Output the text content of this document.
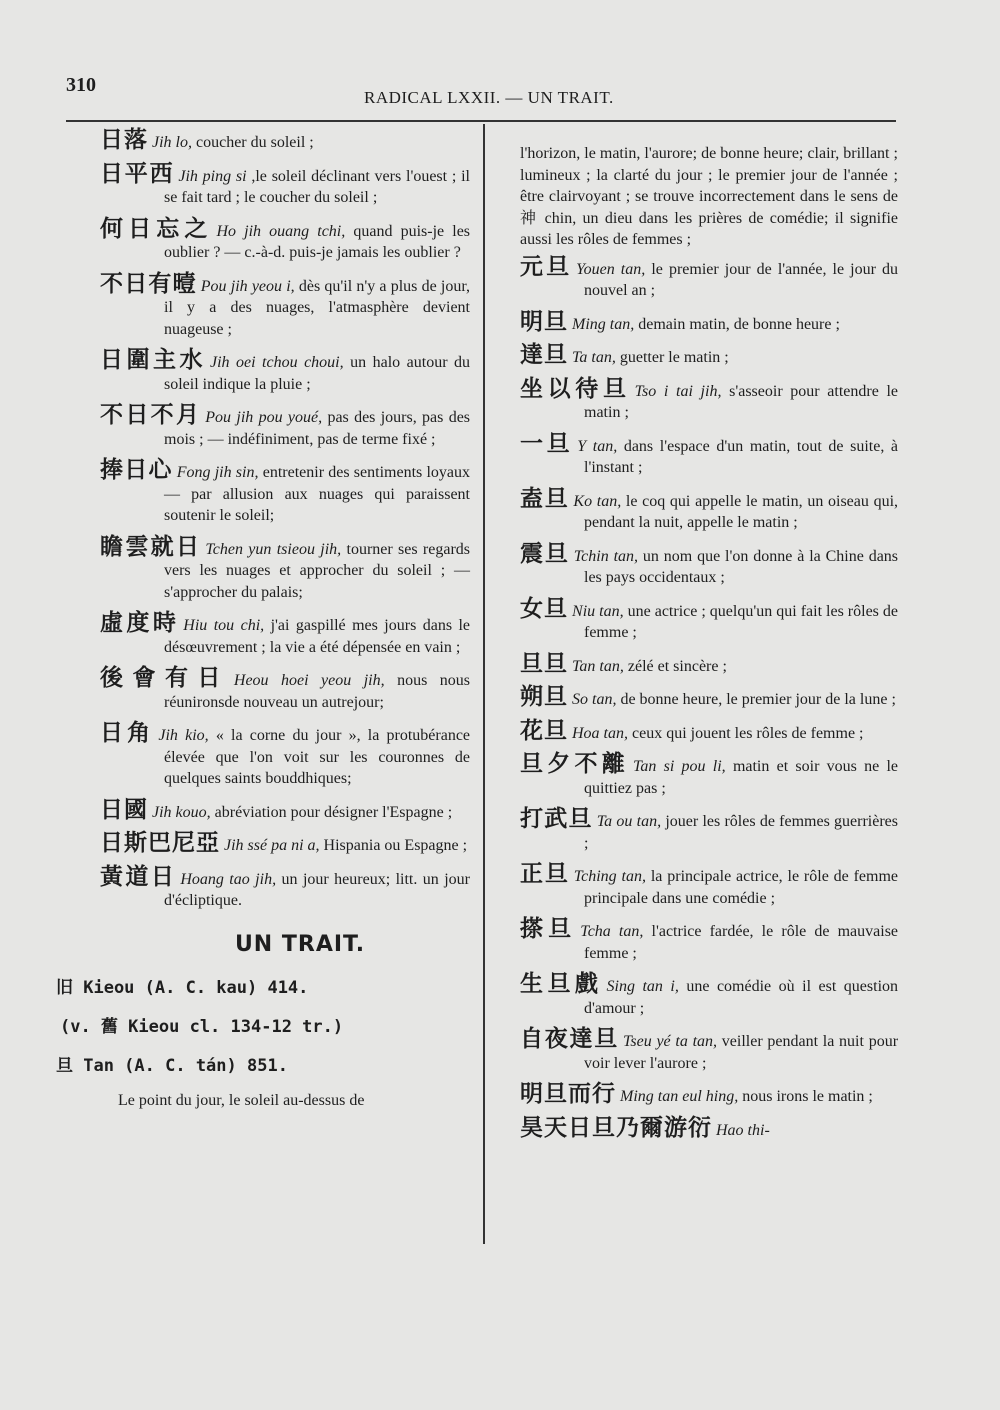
310
RADICAL LXXII. — UN TRAIT.

日落 Jih lo, coucher du soleil ;

日平西 Jih ping si ,le soleil déclinant vers l'ouest ; il se fait tard ; le coucher du soleil ;

何日忘之 Ho jih ouang tchi, quand puis-je les oublier ? — c.-à-d. puis-je jamais les oublier ?

不日有曀 Pou jih yeou i, dès qu'il n'y a plus de jour, il y a des nuages, l'atmasphère devient nuageuse ;

日圍主水 Jih oei tchou choui, un halo autour du soleil indique la pluie ;

不日不月 Pou jih pou youé, pas des jours, pas des mois ; — indéfiniment, pas de terme fixé ;

捧日心 Fong jih sin, entretenir des sentiments loyaux — par allusion aux nuages qui paraissent soutenir le soleil;

瞻雲就日 Tchen yun tsieou jih, tourner ses regards vers les nuages et approcher du soleil ; — s'approcher du palais;

虛度時 Hiu tou chi, j'ai gaspillé mes jours dans le désœuvrement ; la vie a été dépensée en vain ;

後會有日 Heou hoei yeou jih, nous nous réunironsde nouveau un autrejour;

日角 Jih kio, « la corne du jour », la protubérance élevée que l'on voit sur les couronnes de quelques saints bouddhiques;

日國 Jih kouo, abréviation pour désigner l'Espagne ;

日斯巴尼亞 Jih ssé pa ni a, Hispania ou Espagne ;

黃道日 Hoang tao jih, un jour heureux; litt. un jour d'écliptique.

UN TRAIT.
旧 Kieou (A. C. kau) 414.
(v. 舊 Kieou cl. 134-12 tr.)
旦 Tan (A. C. tán) 851.

Le point du jour, le soleil au-dessus de

l'horizon, le matin, l'aurore; de bonne heure; clair, brillant ; lumineux ; la clarté du jour ; le premier jour de l'année ; être clairvoyant ; se trouve incorrectement dans le sens de 神 chin, un dieu dans les prières de comédie; il signifie aussi les rôles de femmes ;

元旦 Youen tan, le premier jour de l'année, le jour du nouvel an ;

明旦 Ming tan, demain matin, de bonne heure ;

達旦 Ta tan, guetter le matin ;

坐以待旦 Tso i tai jih, s'asseoir pour attendre le matin ;

一旦 Y tan, dans l'espace d'un matin, tout de suite, à l'instant ;

盍旦 Ko tan, le coq qui appelle le matin, un oiseau qui, pendant la nuit, appelle le matin ;

震旦 Tchin tan, un nom que l'on donne à la Chine dans les pays occidentaux ;

女旦 Niu tan, une actrice ; quelqu'un qui fait les rôles de femme ;

旦旦 Tan tan, zélé et sincère ;

朔旦 So tan, de bonne heure, le premier jour de la lune ;

花旦 Hoa tan, ceux qui jouent les rôles de femme ;

旦夕不離 Tan si pou li, matin et soir vous ne le quittiez pas ;

打武旦 Ta ou tan, jouer les rôles de femmes guerrières ;

正旦 Tching tan, la principale actrice, le rôle de femme principale dans une comédie ;

搽旦 Tcha tan, l'actrice fardée, le rôle de mauvaise femme ;

生旦戲 Sing tan i, une comédie où il est question d'amour ;

自夜達旦 Tseu yé ta tan, veiller pendant la nuit pour voir lever l'aurore ;

明旦而行 Ming tan eul hing, nous irons le matin ;

昊天日旦乃爾游衍 Hao thi-
